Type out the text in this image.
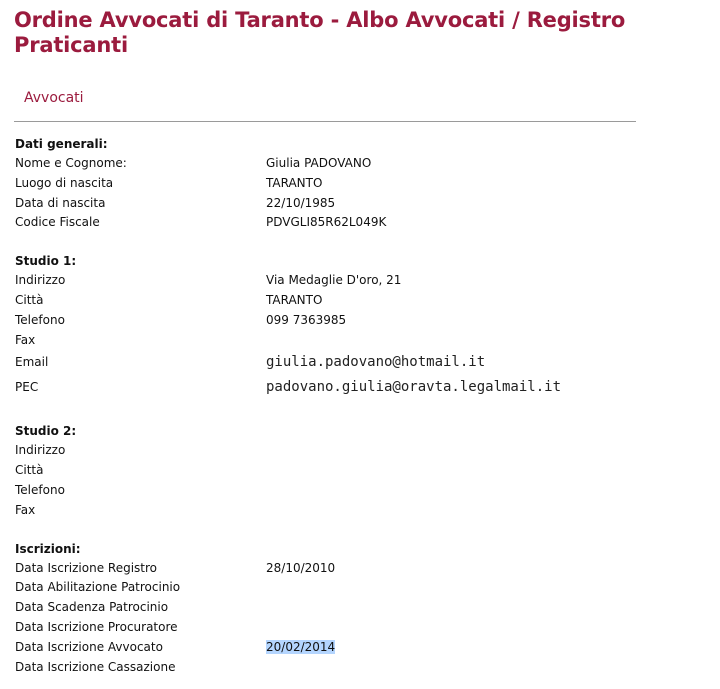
Ordine Avvocati di Taranto - Albo Avvocati / Registro Praticanti
Avvocati
Dati generali:
Nome e Cognome:	Giulia PADOVANO
Luogo di nascita	TARANTO
Data di nascita	22/10/1985
Codice Fiscale	PDVGLI85R62L049K
Studio 1:
Indirizzo	Via Medaglie D'oro, 21
Città	TARANTO
Telefono	099 7363985
Fax
Email	giulia.padovano@hotmail.it
PEC	padovano.giulia@oravta.legalmail.it
Studio 2:
Indirizzo
Città
Telefono
Fax
Iscrizioni:
Data Iscrizione Registro	28/10/2010
Data Abilitazione Patrocinio
Data Scadenza Patrocinio
Data Iscrizione Procuratore
Data Iscrizione Avvocato	20/02/2014
Data Iscrizione Cassazione
